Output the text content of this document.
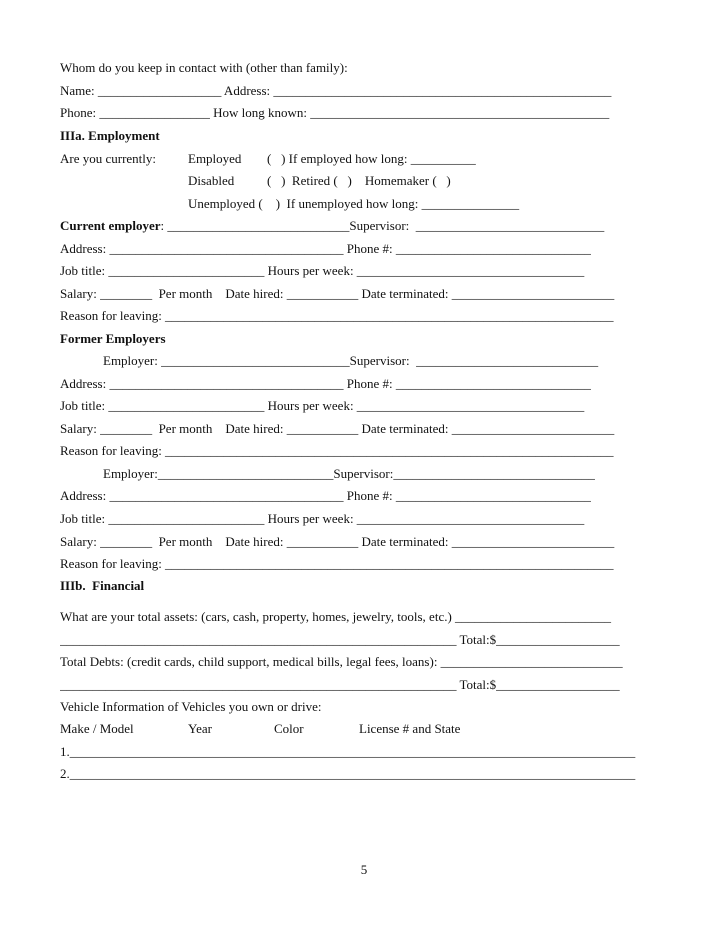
Whom do you keep in contact with (other than family):
Name: ___________________ Address: ____________________________________________________
Phone: _________________ How long known: ______________________________________________
IIIa. Employment
Are you currently: Employed (   ) If employed how long: __________
Disabled	(   )  Retired (   )    Homemaker (   )
Unemployed (    )  If unemployed how long: _______________
Current employer: ____________________________Supervisor:  _____________________________
Address: ____________________________________ Phone #: ______________________________
Job title: ________________________ Hours per week: ___________________________________
Salary: ________  Per month    Date hired: ___________ Date terminated: _________________________
Reason for leaving: _____________________________________________________________________
Former Employers
Employer: _____________________________Supervisor:  ____________________________
Address: ____________________________________ Phone #: ______________________________
Job title: ________________________ Hours per week: ___________________________________
Salary: ________  Per month    Date hired: ___________ Date terminated: _________________________
Reason for leaving: _____________________________________________________________________
Employer:___________________________Supervisor:_______________________________
Address: ____________________________________ Phone #: ______________________________
Job title: ________________________ Hours per week: ___________________________________
Salary: ________  Per month    Date hired: ___________ Date terminated: _________________________
Reason for leaving: _____________________________________________________________________
IIIb.  Financial
What are your total assets: (cars, cash, property, homes, jewelry, tools, etc.) ________________________
_____________________________________________________________ Total:$___________________
Total Debts: (credit cards, child support, medical bills, legal fees, loans): ____________________________
_____________________________________________________________ Total:$___________________
Vehicle Information of Vehicles you own or drive:
Make / Model	Year	Color	License # and State
1._______________________________________________________________________________________
2._______________________________________________________________________________________
5
